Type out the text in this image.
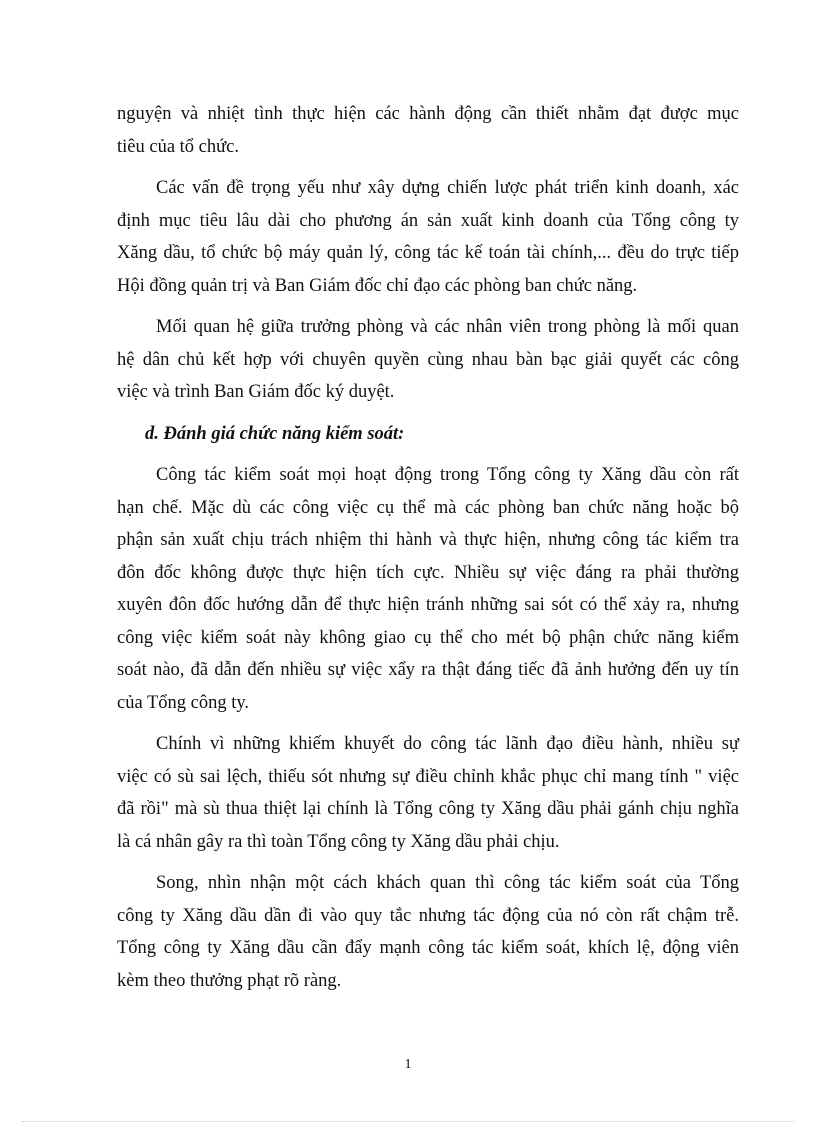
nguyện và nhiệt tình thực hiện các hành động cần thiết nhằm đạt được mục
tiêu của tổ chức.
Các vấn đề trọng yếu như xây dựng chiến lược phát triển kinh doanh, xác
định mục tiêu lâu dài cho phương án sản xuất kinh doanh của Tổng công ty
Xăng dầu, tổ chức bộ máy quản lý, công tác kế toán tài chính,... đều do trực tiếp
Hội đồng quản trị và Ban Giám đốc chỉ đạo các phòng ban chức năng.
Mối quan hệ giữa trưởng phòng và các nhân viên trong phòng là mối quan
hệ dân chủ kết hợp với chuyên quyền cùng nhau bàn bạc giải quyết các công
việc và trình Ban Giám đốc ký duyệt.
d. Đánh giá chức năng kiểm soát:
Công tác kiểm soát mọi hoạt động trong Tổng công ty Xăng dầu còn rất
hạn chế. Mặc dù các công việc cụ thể mà các phòng ban chức năng hoặc bộ
phận sản xuất chịu trách nhiệm thi hành và thực hiện, nhưng công tác kiểm tra
đôn đốc không được thực hiện tích cực. Nhiều sự việc đáng ra phải thường
xuyên đôn đốc hướng dẫn để thực hiện tránh những sai sót có thể xảy ra, nhưng
công việc kiểm soát này không giao cụ thể cho mét bộ phận chức năng kiểm
soát nào, đã dẫn đến nhiều sự việc xẩy ra thật đáng tiếc đã ảnh hưởng đến uy tín
của Tổng công ty.
Chính vì những khiếm khuyết do công tác lãnh đạo điều hành, nhiều sự
việc có sù sai lệch, thiếu sót nhưng sự điều chỉnh khắc phục chỉ mang tính " việc
đã rồi" mà sù thua thiệt lại chính là Tổng công ty Xăng dầu phải gánh chịu nghĩa
là cá nhân gây ra thì toàn Tổng công ty Xăng dầu phải chịu.
Song, nhìn nhận một cách khách quan thì công tác kiểm soát của Tổng
công ty Xăng dầu dần đi vào quy tắc nhưng tác động của nó còn rất chậm trễ.
Tổng công ty Xăng dầu cần đẩy mạnh công tác kiểm soát, khích lệ, động viên
kèm theo thưởng phạt rõ ràng.
1
